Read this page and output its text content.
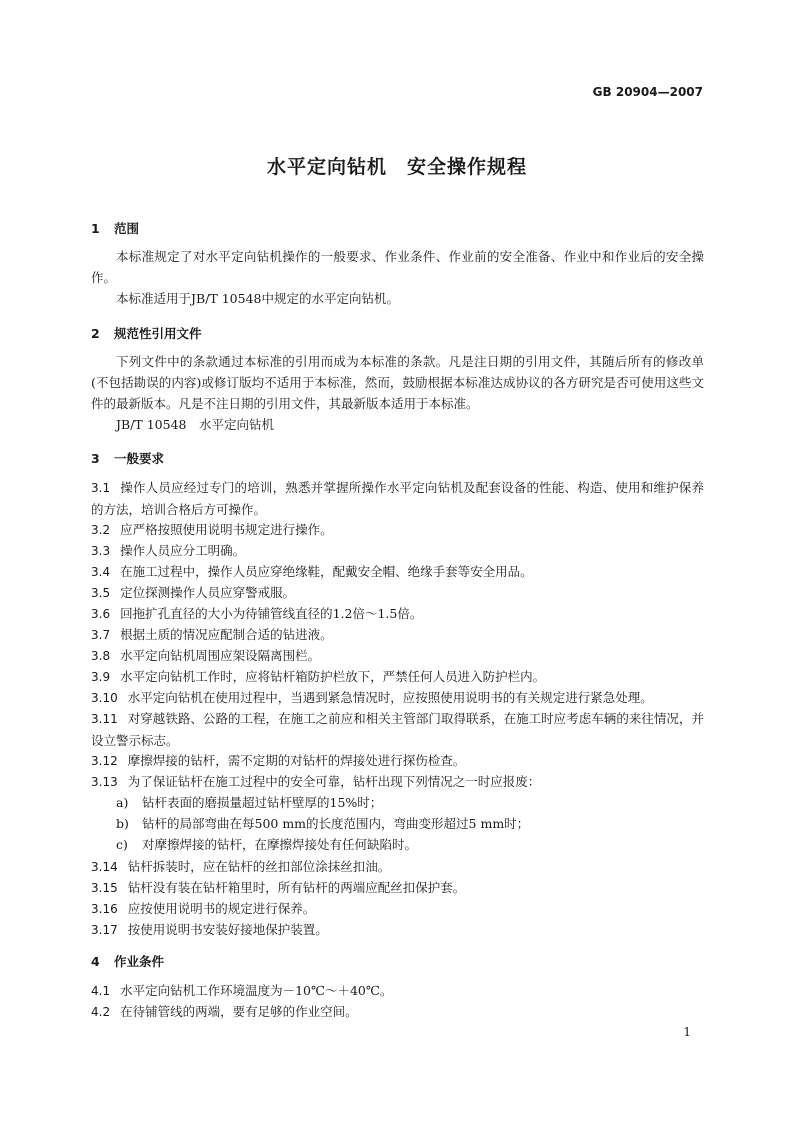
GB 20904—2007
水平定向钻机　安全操作规程
1 范围
本标准规定了对水平定向钻机操作的一般要求、作业条件、作业前的安全准备、作业中和作业后的安全操作。
本标准适用于JB/T 10548中规定的水平定向钻机。
2 规范性引用文件
下列文件中的条款通过本标准的引用而成为本标准的条款。凡是注日期的引用文件，其随后所有的修改单(不包括勘误的内容)或修订版均不适用于本标准，然而，鼓励根据本标准达成协议的各方研究是否可使用这些文件的最新版本。凡是不注日期的引用文件，其最新版本适用于本标准。
JB/T 10548　水平定向钻机
3 一般要求
3.1 操作人员应经过专门的培训，熟悉并掌握所操作水平定向钻机及配套设备的性能、构造、使用和维护保养的方法，培训合格后方可操作。
3.2 应严格按照使用说明书规定进行操作。
3.3 操作人员应分工明确。
3.4 在施工过程中，操作人员应穿绝缘鞋，配戴安全帽、绝缘手套等安全用品。
3.5 定位探测操作人员应穿警戒服。
3.6 回拖扩孔直径的大小为待铺管线直径的1.2倍～1.5倍。
3.7 根据土质的情况应配制合适的钻进液。
3.8 水平定向钻机周围应架设隔离围栏。
3.9 水平定向钻机工作时，应将钻杆箱防护栏放下，严禁任何人员进入防护栏内。
3.10 水平定向钻机在使用过程中，当遇到紧急情况时，应按照使用说明书的有关规定进行紧急处理。
3.11 对穿越铁路、公路的工程，在施工之前应和相关主管部门取得联系，在施工时应考虑车辆的来往情况，并设立警示标志。
3.12 摩擦焊接的钻杆，需不定期的对钻杆的焊接处进行探伤检查。
3.13 为了保证钻杆在施工过程中的安全可靠，钻杆出现下列情况之一时应报废：
a) 钻杆表面的磨损量超过钻杆壁厚的15%时；
b) 钻杆的局部弯曲在每500 mm的长度范围内，弯曲变形超过5 mm时；
c) 对摩擦焊接的钻杆，在摩擦焊接处有任何缺陷时。
3.14 钻杆拆装时，应在钻杆的丝扣部位涂抹丝扣油。
3.15 钻杆没有装在钻杆箱里时，所有钻杆的两端应配丝扣保护套。
3.16 应按使用说明书的规定进行保养。
3.17 按使用说明书安装好接地保护装置。
4 作业条件
4.1 水平定向钻机工作环境温度为－10℃～＋40℃。
4.2 在待铺管线的两端，要有足够的作业空间。
1
